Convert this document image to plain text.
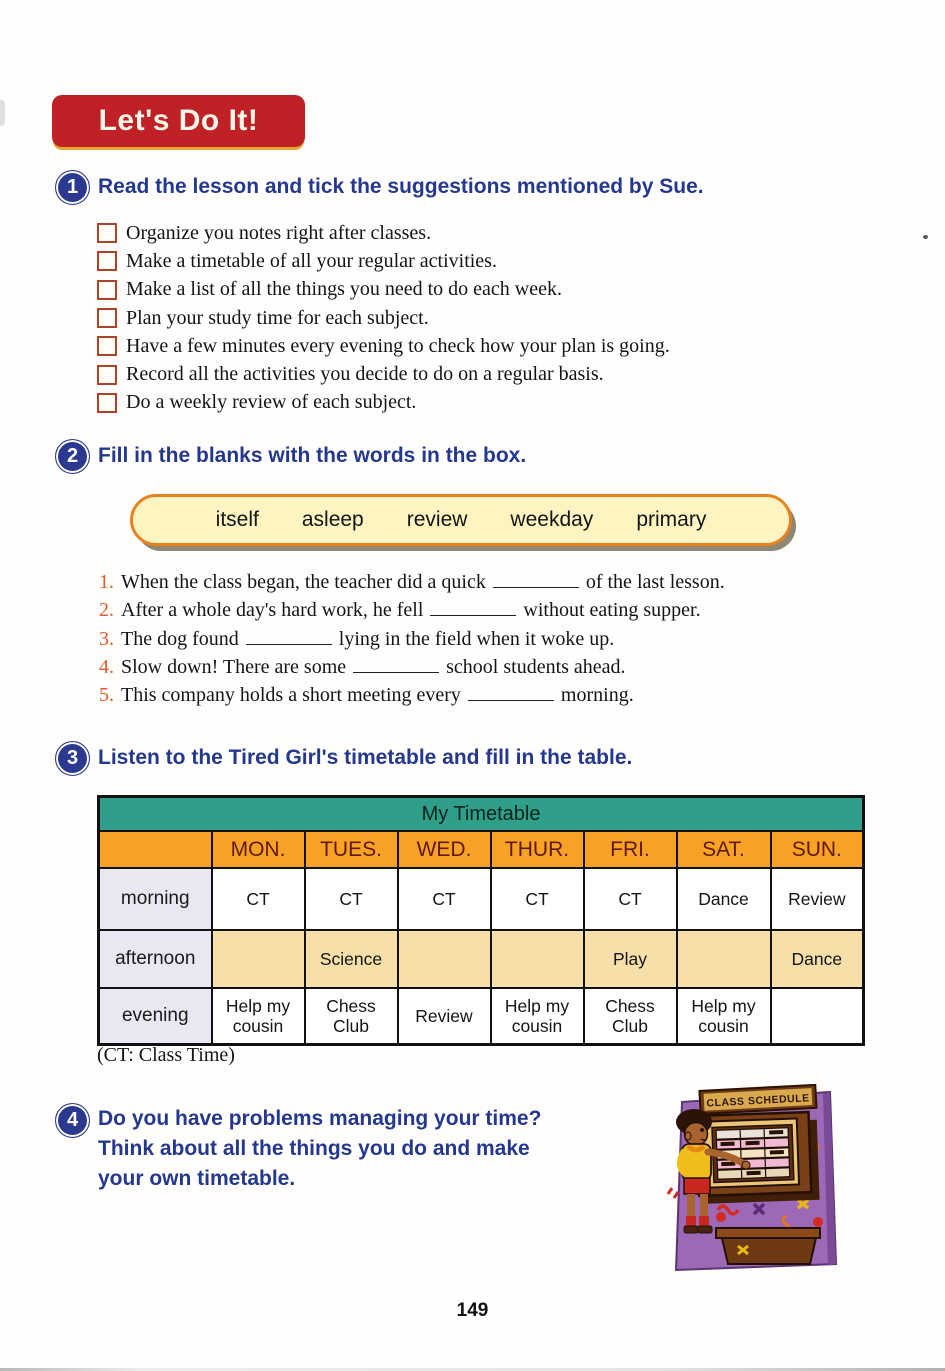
Let's Do It!
1 Read the lesson and tick the suggestions mentioned by Sue.
Organize you notes right after classes.
Make a timetable of all your regular activities.
Make a list of all the things you need to do each week.
Plan your study time for each subject.
Have a few minutes every evening to check how your plan is going.
Record all the activities you decide to do on a regular basis.
Do a weekly review of each subject.
2 Fill in the blanks with the words in the box.
itself asleep review weekday primary
1. When the class began, the teacher did a quick	of the last lesson.
2. After a whole day's hard work, he fell	without eating supper.
3. The dog found	lying in the field when it woke up.
4. Slow down! There are some	school students ahead.
5. This company holds a short meeting every	morning.
3 Listen to the Tired Girl's timetable and fill in the table.
My Timetable							
	MON.	TUES.	WED.	THUR.	FRI.	SAT.	SUN.
morning	CT	CT	CT	CT	CT	Dance	Review
afternoon		Science			Play		Dance
evening	Help my cousin	Chess Club	Review	Help my cousin	Chess Club	Help my cousin	
(CT: Class Time)
4 Do you have problems managing your time?
Think about all the things you do and make
your own timetable.
CLASS SCHEDULE
149
